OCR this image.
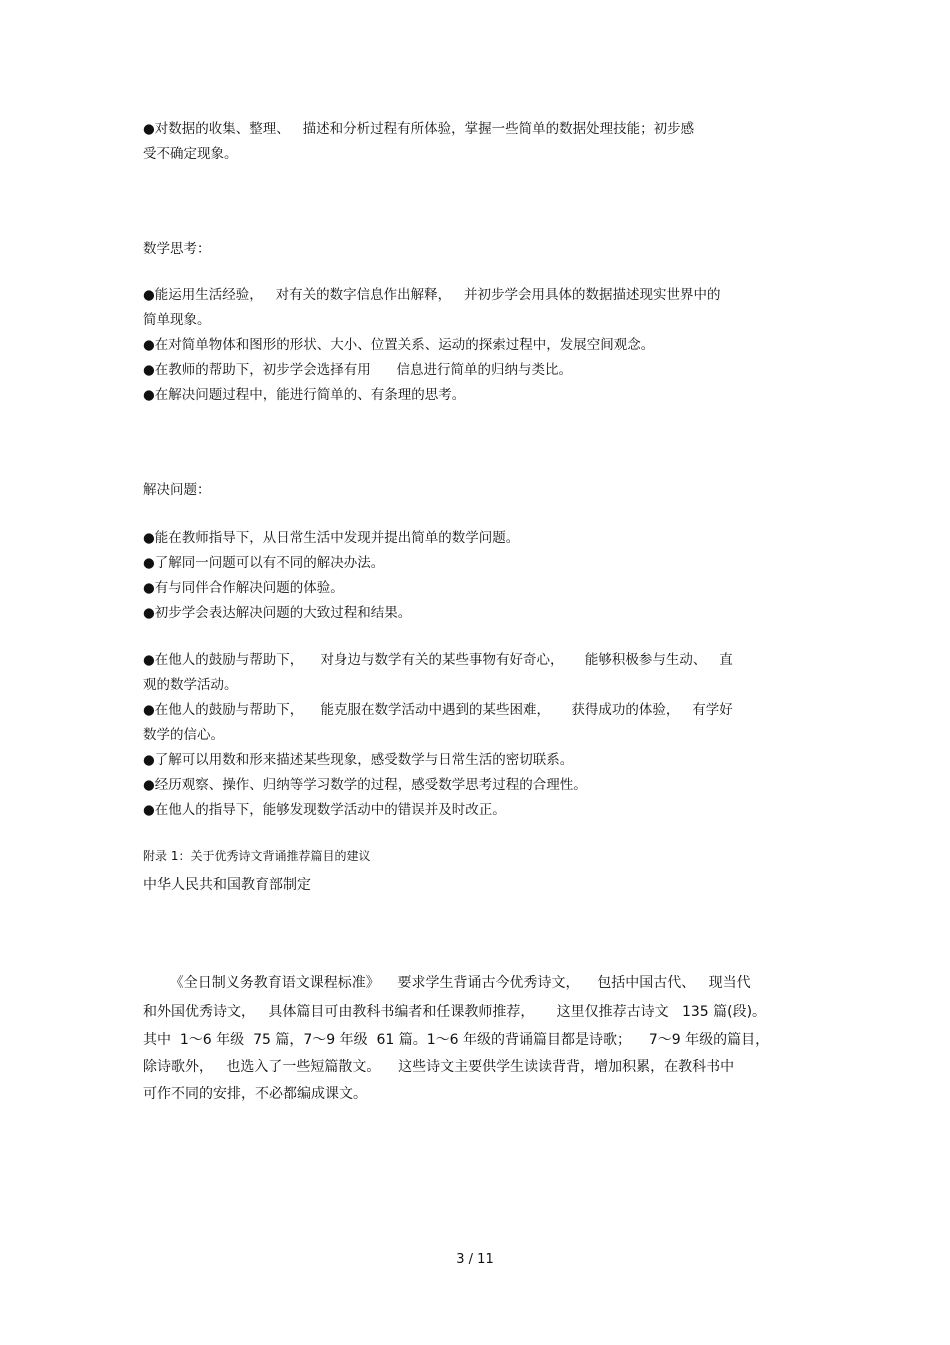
●对数据的收集、整理、   描述和分析过程有所体验，掌握一些简单的数据处理技能；初步感
受不确定现象。
数学思考：
●能运用生活经验，   对有关的数字信息作出解释，   并初步学会用具体的数据描述现实世界中的
简单现象。
●在对简单物体和图形的形状、大小、位置关系、运动的探索过程中，发展空间观念。
●在教师的帮助下，初步学会选择有用      信息进行简单的归纳与类比。
●在解决问题过程中，能进行简单的、有条理的思考。
解决问题：
●能在教师指导下，从日常生活中发现并提出简单的数学问题。
●了解同一问题可以有不同的解决办法。
●有与同伴合作解决问题的体验。
●初步学会表达解决问题的大致过程和结果。
●在他人的鼓励与帮助下，    对身边与数学有关的某些事物有好奇心，     能够积极参与生动、   直
观的数学活动。
●在他人的鼓励与帮助下，    能克服在数学活动中遇到的某些困难，     获得成功的体验，   有学好
数学的信心。
●了解可以用数和形来描述某些现象，感受数学与日常生活的密切联系。
●经历观察、操作、归纳等学习数学的过程，感受数学思考过程的合理性。
●在他人的指导下，能够发现数学活动中的错误并及时改正。
附录 1：关于优秀诗文背诵推荐篇目的建议
中华人民共和国教育部制定
《全日制义务教育语文课程标准》    要求学生背诵古今优秀诗文，    包括中国古代、   现当代
和外国优秀诗文，   具体篇目可由教科书编者和任课教师推荐，     这里仅推荐古诗文   135 篇(段)。
其中  1～6 年级  75 篇，7～9 年级  61 篇。1～6 年级的背诵篇目都是诗歌；    7～9 年级的篇目，
除诗歌外，   也选入了一些短篇散文。    这些诗文主要供学生读读背背，增加积累，在教科书中
可作不同的安排，不必都编成课文。
3 / 11
